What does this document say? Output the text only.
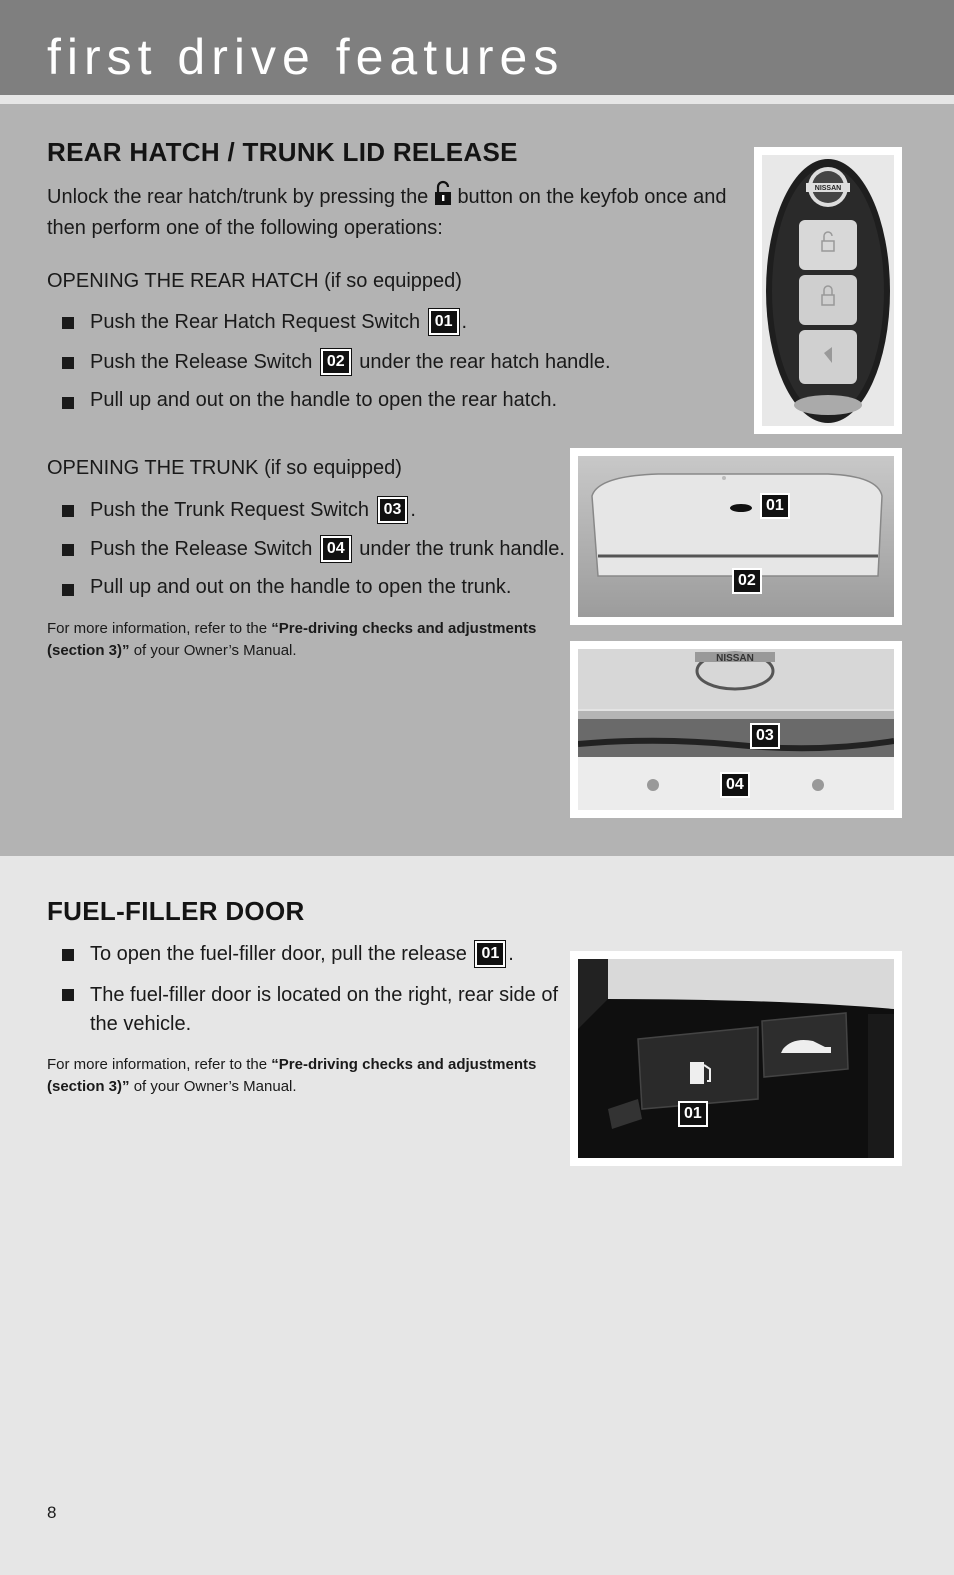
first drive features
REAR HATCH / TRUNK LID RELEASE
Unlock the rear hatch/trunk by pressing the button on the keyfob once and
then perform one of the following operations:
OPENING THE REAR HATCH (if so equipped)
Push the Rear Hatch Request Switch 01 .
Push the Release Switch 02 under the rear hatch handle.
Pull up and out on the handle to open the rear hatch.
OPENING THE TRUNK (if so equipped)
Push the Trunk Request Switch 03 .
Push the Release Switch 04 under the trunk handle.
Pull up and out on the handle to open the trunk.
For more information, refer to the “Pre-driving checks and adjustments (section 3)” of your Owner’s Manual.
NISSAN
01
02
NISSAN
03
04
FUEL-FILLER DOOR
To open the fuel-filler door, pull the release 01 .
The fuel-filler door is located on the right, rear side of
the vehicle.
For more information, refer to the “Pre-driving checks and adjustments
(section 3)” of your Owner’s Manual.
01
8
